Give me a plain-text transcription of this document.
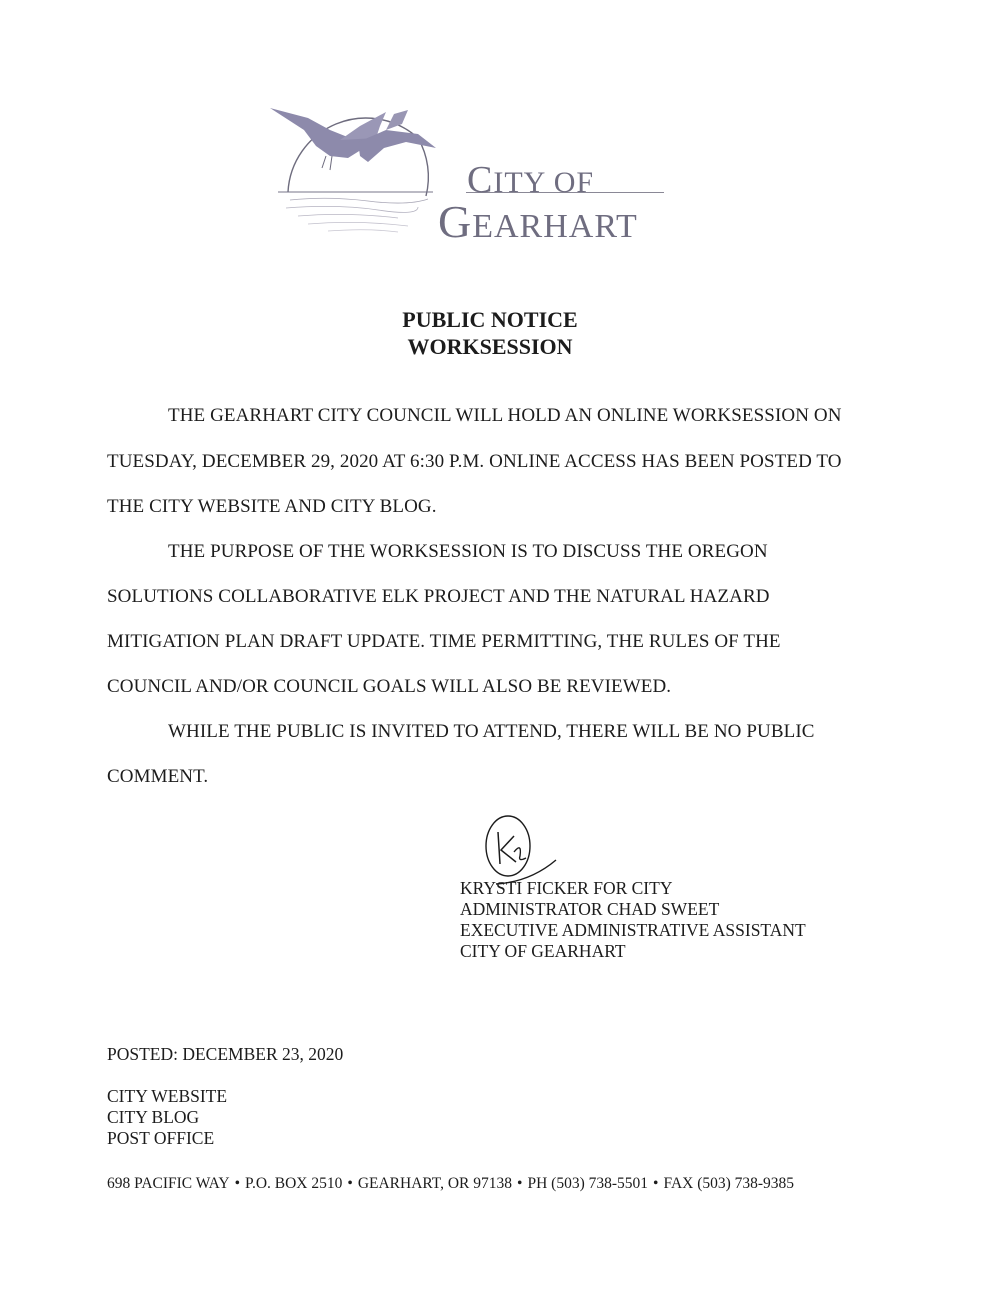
CITY OF
GEARHART
PUBLIC NOTICE
WORKSESSION
THE GEARHART CITY COUNCIL WILL HOLD AN ONLINE WORKSESSION ON
TUESDAY, DECEMBER 29, 2020 AT 6:30 P.M. ONLINE ACCESS HAS BEEN POSTED TO
THE CITY WEBSITE AND CITY BLOG.
THE PURPOSE OF THE WORKSESSION IS TO DISCUSS THE OREGON
SOLUTIONS COLLABORATIVE ELK PROJECT AND THE NATURAL HAZARD
MITIGATION PLAN DRAFT UPDATE. TIME PERMITTING, THE RULES OF THE
COUNCIL AND/OR COUNCIL GOALS WILL ALSO BE REVIEWED.
WHILE THE PUBLIC IS INVITED TO ATTEND, THERE WILL BE NO PUBLIC
COMMENT.
KRYSTI FICKER FOR CITY
ADMINISTRATOR CHAD SWEET
EXECUTIVE ADMINISTRATIVE ASSISTANT
CITY OF GEARHART
POSTED: DECEMBER 23, 2020
CITY WEBSITE
CITY BLOG
POST OFFICE
698 PACIFIC WAY • P.O. BOX 2510 • GEARHART, OR 97138 • PH (503) 738-5501 • FAX (503) 738-9385
